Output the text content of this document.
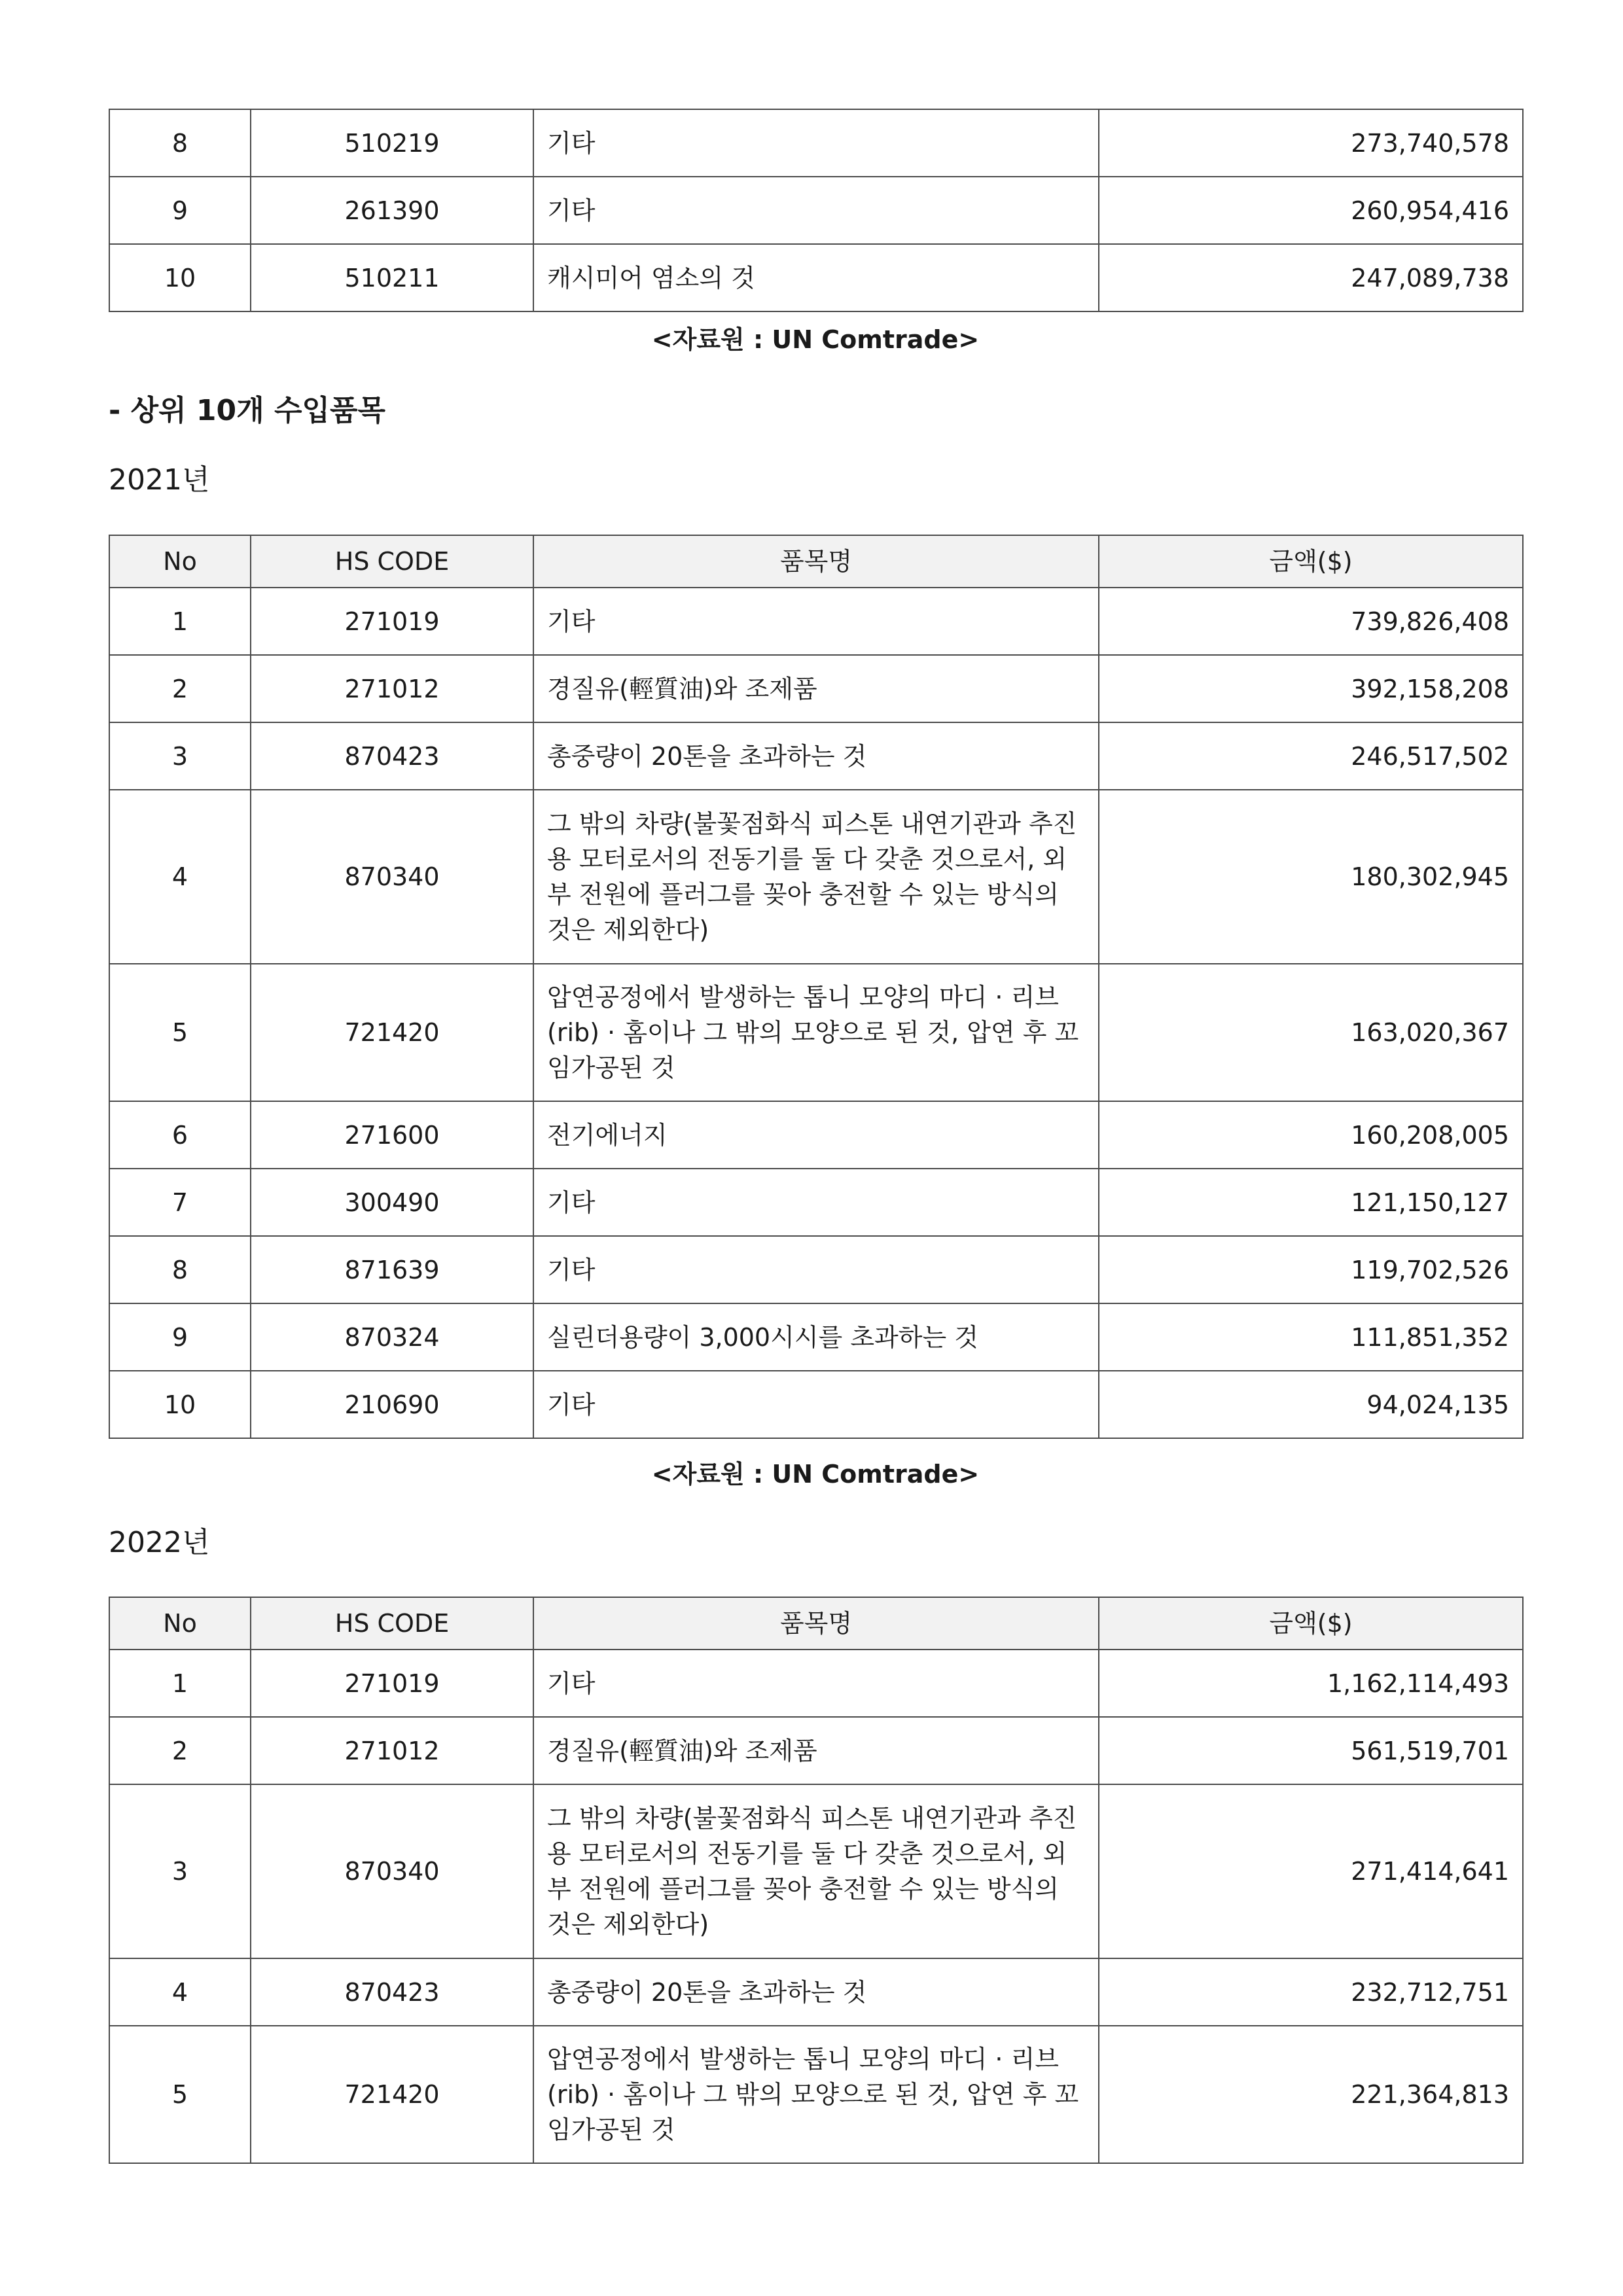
8	510219	기타	273,740,578
9	261390	기타	260,954,416
10	510211	캐시미어 염소의 것	247,089,738
<자료원 : UN Comtrade>
- 상위 10개 수입품목
2021년
No	HS CODE	품목명	금액($)
1	271019	기타	739,826,408
2	271012	경질유(輕質油)와 조제품	392,158,208
3	870423	총중량이 20톤을 초과하는 것	246,517,502
4	870340	그 밖의 차량(불꽃점화식 피스톤 내연기관과 추진용 모터로서의 전동기를 둘 다 갖춘 것으로서, 외부 전원에 플러그를 꽂아 충전할 수 있는 방식의 것은 제외한다)	180,302,945
5	721420	압연공정에서 발생하는 톱니 모양의 마디 · 리브(rib) · 홈이나 그 밖의 모양으로 된 것, 압연 후 꼬임가공된 것	163,020,367
6	271600	전기에너지	160,208,005
7	300490	기타	121,150,127
8	871639	기타	119,702,526
9	870324	실린더용량이 3,000시시를 초과하는 것	111,851,352
10	210690	기타	94,024,135
<자료원 : UN Comtrade>
2022년
No	HS CODE	품목명	금액($)
1	271019	기타	1,162,114,493
2	271012	경질유(輕質油)와 조제품	561,519,701
3	870340	그 밖의 차량(불꽃점화식 피스톤 내연기관과 추진용 모터로서의 전동기를 둘 다 갖춘 것으로서, 외부 전원에 플러그를 꽂아 충전할 수 있는 방식의 것은 제외한다)	271,414,641
4	870423	총중량이 20톤을 초과하는 것	232,712,751
5	721420	압연공정에서 발생하는 톱니 모양의 마디 · 리브(rib) · 홈이나 그 밖의 모양으로 된 것, 압연 후 꼬임가공된 것	221,364,813
